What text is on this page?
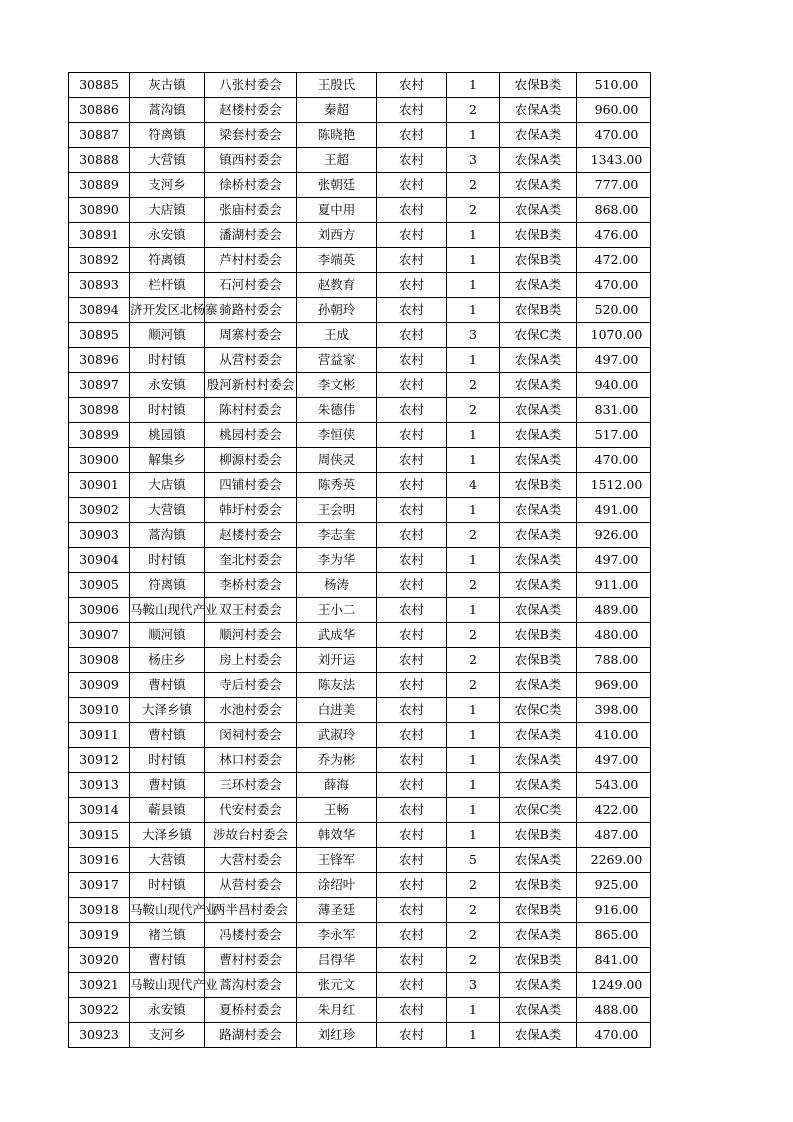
30885	灰古镇	八张村委会	王殷氏	农村	1	农保B类	510.00
30886	蒿沟镇	赵楼村委会	秦超	农村	2	农保A类	960.00
30887	符离镇	梁套村委会	陈晓艳	农村	1	农保A类	470.00
30888	大营镇	镇西村委会	王超	农村	3	农保A类	1343.00
30889	支河乡	徐桥村委会	张朝廷	农村	2	农保A类	777.00
30890	大店镇	张庙村委会	夏中用	农村	2	农保A类	868.00
30891	永安镇	潘湖村委会	刘西方	农村	1	农保B类	476.00
30892	符离镇	芦村村委会	李端英	农村	1	农保B类	472.00
30893	栏杆镇	石河村委会	赵教育	农村	1	农保A类	470.00
30894	济开发区北杨寨	骑路村委会	孙朝玲	农村	1	农保B类	520.00
30895	顺河镇	周寨村委会	王成	农村	3	农保C类	1070.00
30896	时村镇	从营村委会	营益家	农村	1	农保A类	497.00
30897	永安镇	殷河新村村委会	李文彬	农村	2	农保A类	940.00
30898	时村镇	陈村村委会	朱德伟	农村	2	农保A类	831.00
30899	桃园镇	桃园村委会	李恒侠	农村	1	农保A类	517.00
30900	解集乡	柳源村委会	周侠灵	农村	1	农保A类	470.00
30901	大店镇	四铺村委会	陈秀英	农村	4	农保B类	1512.00
30902	大营镇	韩圩村委会	王会明	农村	1	农保A类	491.00
30903	蒿沟镇	赵楼村委会	李志奎	农村	2	农保A类	926.00
30904	时村镇	奎北村委会	李为华	农村	1	农保A类	497.00
30905	符离镇	李桥村委会	杨涛	农村	2	农保A类	911.00
30906	马鞍山现代产业	双王村委会	王小二	农村	1	农保A类	489.00
30907	顺河镇	顺河村委会	武成华	农村	2	农保B类	480.00
30908	杨庄乡	房上村委会	刘开运	农村	2	农保B类	788.00
30909	曹村镇	寺后村委会	陈友法	农村	2	农保A类	969.00
30910	大泽乡镇	水池村委会	白进美	农村	1	农保C类	398.00
30911	曹村镇	闵祠村委会	武淑玲	农村	1	农保A类	410.00
30912	时村镇	林口村委会	乔为彬	农村	1	农保A类	497.00
30913	曹村镇	三环村委会	薛海	农村	1	农保A类	543.00
30914	蕲县镇	代安村委会	王畅	农村	1	农保C类	422.00
30915	大泽乡镇	涉故台村委会	韩效华	农村	1	农保B类	487.00
30916	大营镇	大营村委会	王锋军	农村	5	农保A类	2269.00
30917	时村镇	从营村委会	涂绍叶	农村	2	农保B类	925.00
30918	马鞍山现代产业	两半昌村委会	薄圣廷	农村	2	农保B类	916.00
30919	褚兰镇	冯楼村委会	李永军	农村	2	农保A类	865.00
30920	曹村镇	曹村村委会	吕得华	农村	2	农保B类	841.00
30921	马鞍山现代产业	蒿沟村委会	张元文	农村	3	农保A类	1249.00
30922	永安镇	夏桥村委会	朱月红	农村	1	农保A类	488.00
30923	支河乡	路湖村委会	刘红珍	农村	1	农保A类	470.00
